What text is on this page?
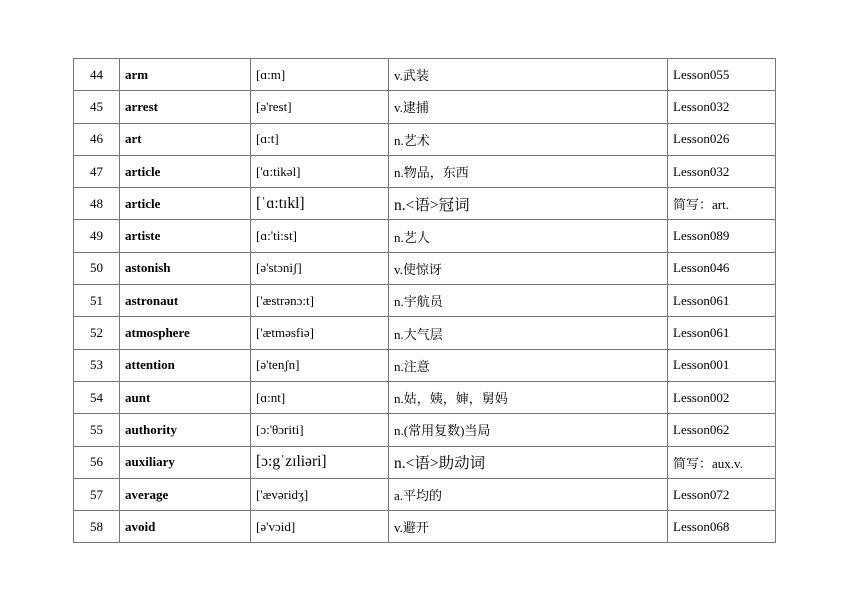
44	arm	[ɑ:m]	v.武装	Lesson055
45	arrest	[ə'rest]	v.逮捕	Lesson032
46	art	[ɑ:t]	n.艺术	Lesson026
47	article	['ɑ:tikəl]	n.物品，东西	Lesson032
48	article	[ˈɑ:tɪkl]	n.<语>冠词	简写：art.
49	artiste	[ɑ:'ti:st]	n.艺人	Lesson089
50	astonish	[ə'stɔniʃ]	v.使惊讶	Lesson046
51	astronaut	['æstrənɔ:t]	n.宇航员	Lesson061
52	atmosphere	['ætməsfiə]	n.大气层	Lesson061
53	attention	[ə'tenʃn]	n.注意	Lesson001
54	aunt	[ɑ:nt]	n.姑，姨，婶，舅妈	Lesson002
55	authority	[ɔ:'θɔriti]	n.(常用复数)当局	Lesson062
56	auxiliary	[ɔ:gˈzɪliəri]	n.<语>助动词	简写：aux.v.
57	average	['ævəridʒ]	a.平均的	Lesson072
58	avoid	[ə'vɔid]	v.避开	Lesson068
